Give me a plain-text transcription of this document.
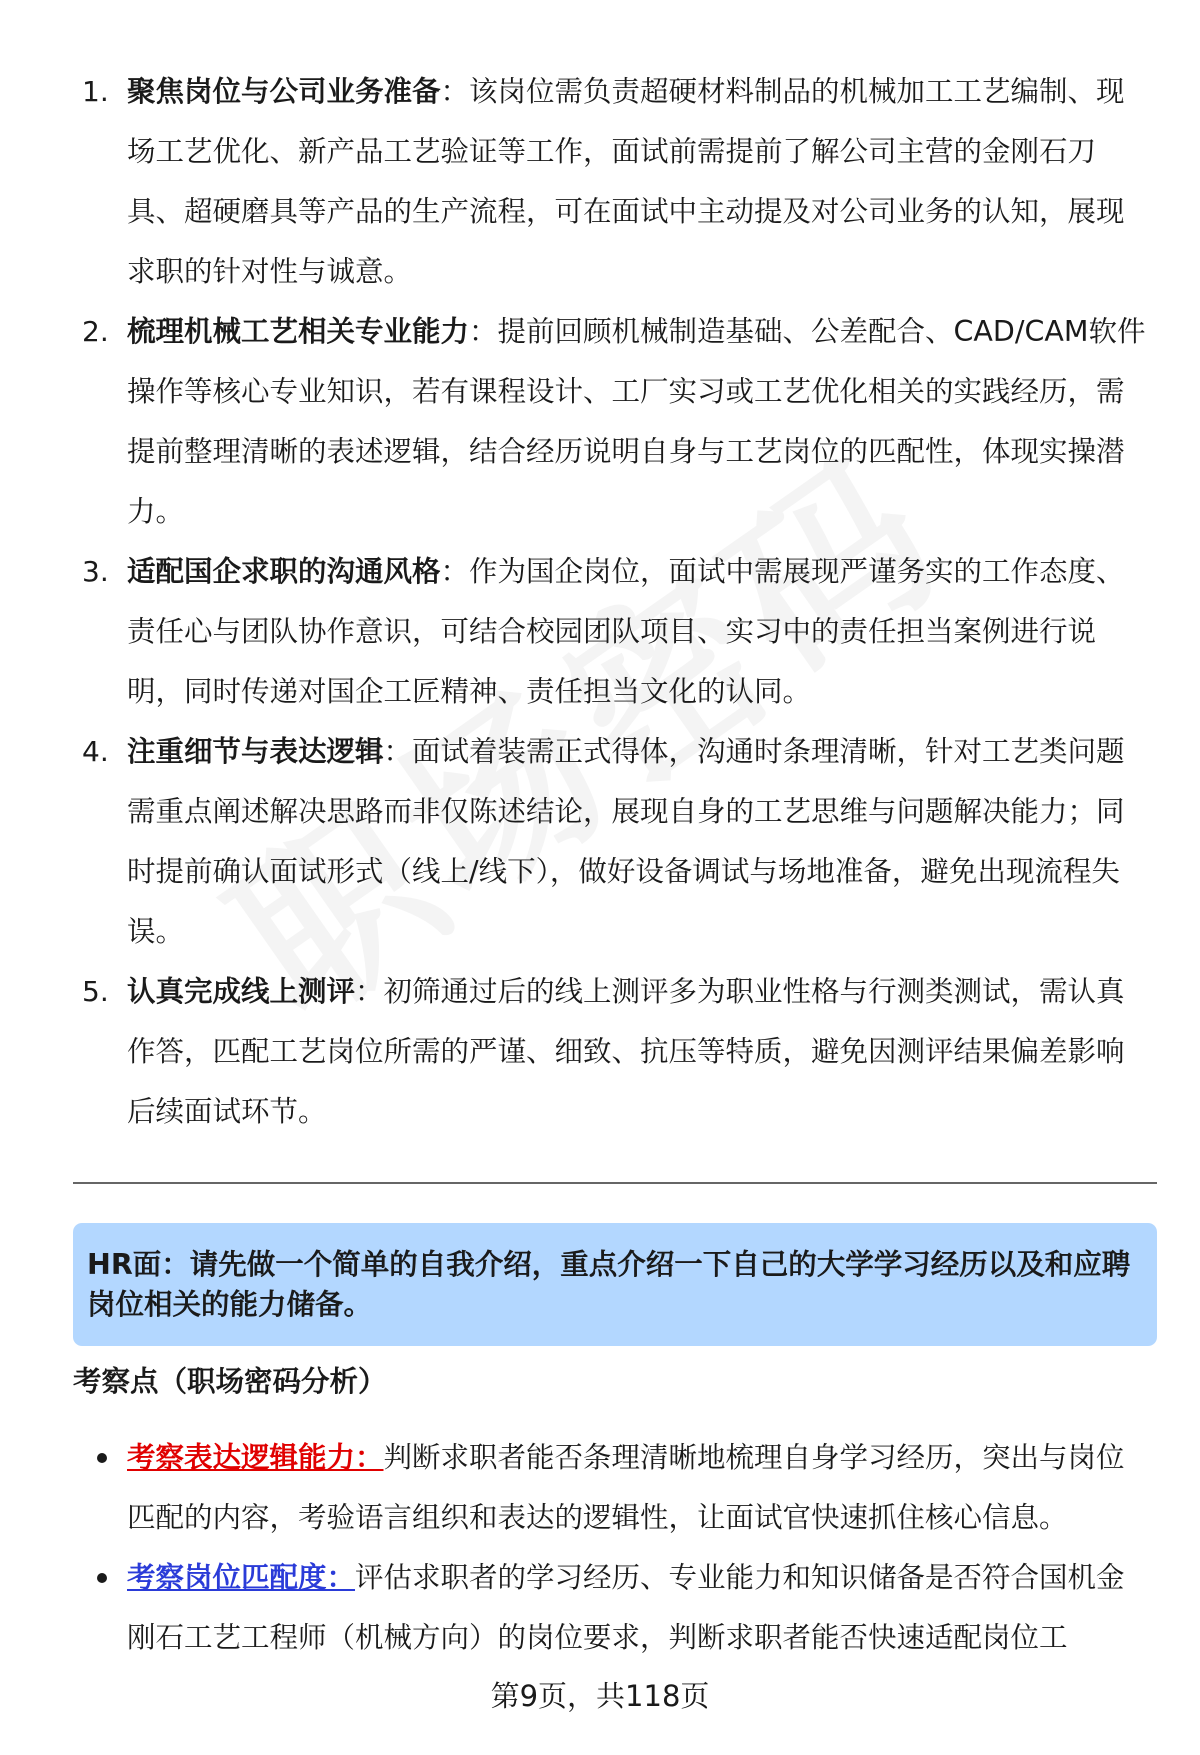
1. 聚焦岗位与公司业务准备：该岗位需负责超硬材料制品的机械加工工艺编制、现场工艺优化、新产品工艺验证等工作，面试前需提前了解公司主营的金刚石刀具、超硬磨具等产品的生产流程，可在面试中主动提及对公司业务的认知，展现求职的针对性与诚意。
2. 梳理机械工艺相关专业能力：提前回顾机械制造基础、公差配合、CAD/CAM软件操作等核心专业知识，若有课程设计、工厂实习或工艺优化相关的实践经历，需提前整理清晰的表述逻辑，结合经历说明自身与工艺岗位的匹配性，体现实操潜力。
3. 适配国企求职的沟通风格：作为国企岗位，面试中需展现严谨务实的工作态度、责任心与团队协作意识，可结合校园团队项目、实习中的责任担当案例进行说明，同时传递对国企工匠精神、责任担当文化的认同。
4. 注重细节与表达逻辑：面试着装需正式得体，沟通时条理清晰，针对工艺类问题需重点阐述解决思路而非仅陈述结论，展现自身的工艺思维与问题解决能力；同时提前确认面试形式（线上/线下），做好设备调试与场地准备，避免出现流程失误。
5. 认真完成线上测评：初筛通过后的线上测评多为职业性格与行测类测试，需认真作答，匹配工艺岗位所需的严谨、细致、抗压等特质，避免因测评结果偏差影响后续面试环节。
HR面：请先做一个简单的自我介绍，重点介绍一下自己的大学学习经历以及和应聘岗位相关的能力储备。
考察点（职场密码分析）
考察表达逻辑能力：判断求职者能否条理清晰地梳理自身学习经历，突出与岗位匹配的内容，考验语言组织和表达的逻辑性，让面试官快速抓住核心信息。
考察岗位匹配度：评估求职者的学习经历、专业能力和知识储备是否符合国机金刚石工艺工程师（机械方向）的岗位要求，判断求职者能否快速适配岗位工
第9页，共118页
